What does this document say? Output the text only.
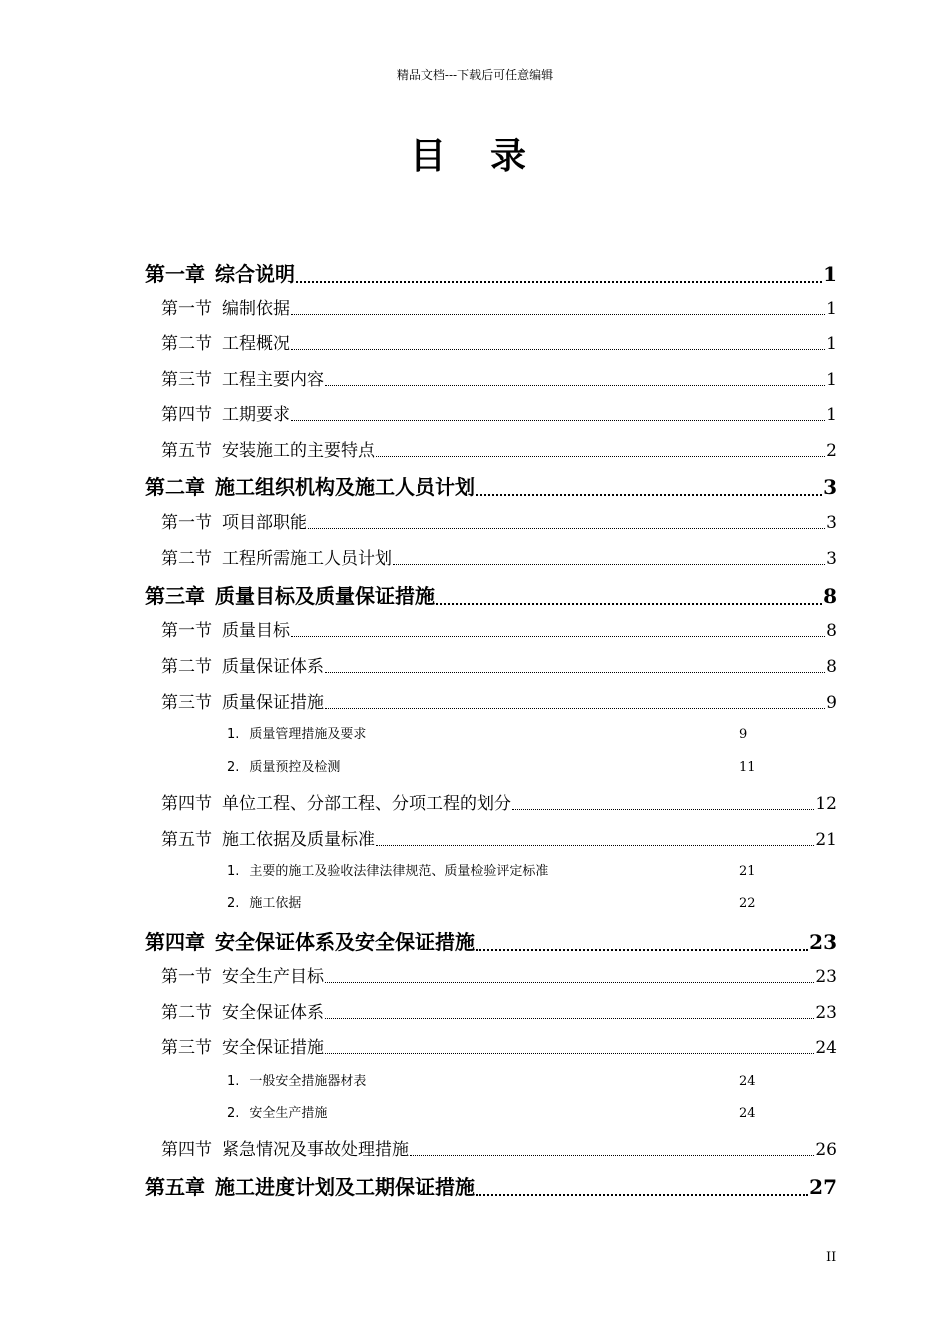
精品文档---下载后可任意编辑
目录
第一章 综合说明	1
第一节 编制依据	1
第二节 工程概况	1
第三节 工程主要内容	1
第四节 工期要求	1
第五节 安装施工的主要特点	2
第二章 施工组织机构及施工人员计划	3
第一节 项目部职能	3
第二节 工程所需施工人员计划	3
第三章 质量目标及质量保证措施	8
第一节 质量目标	8
第二节 质量保证体系	8
第三节 质量保证措施	9
1. 质量管理措施及要求	9
2. 质量预控及检测	11
第四节 单位工程、分部工程、分项工程的划分	12
第五节 施工依据及质量标准	21
1. 主要的施工及验收法律法律规范、质量检验评定标准	21
2. 施工依据	22
第四章 安全保证体系及安全保证措施	23
第一节 安全生产目标	23
第二节 安全保证体系	23
第三节 安全保证措施	24
1. 一般安全措施器材表	24
2. 安全生产措施	24
第四节 紧急情况及事故处理措施	26
第五章 施工进度计划及工期保证措施	27
II
